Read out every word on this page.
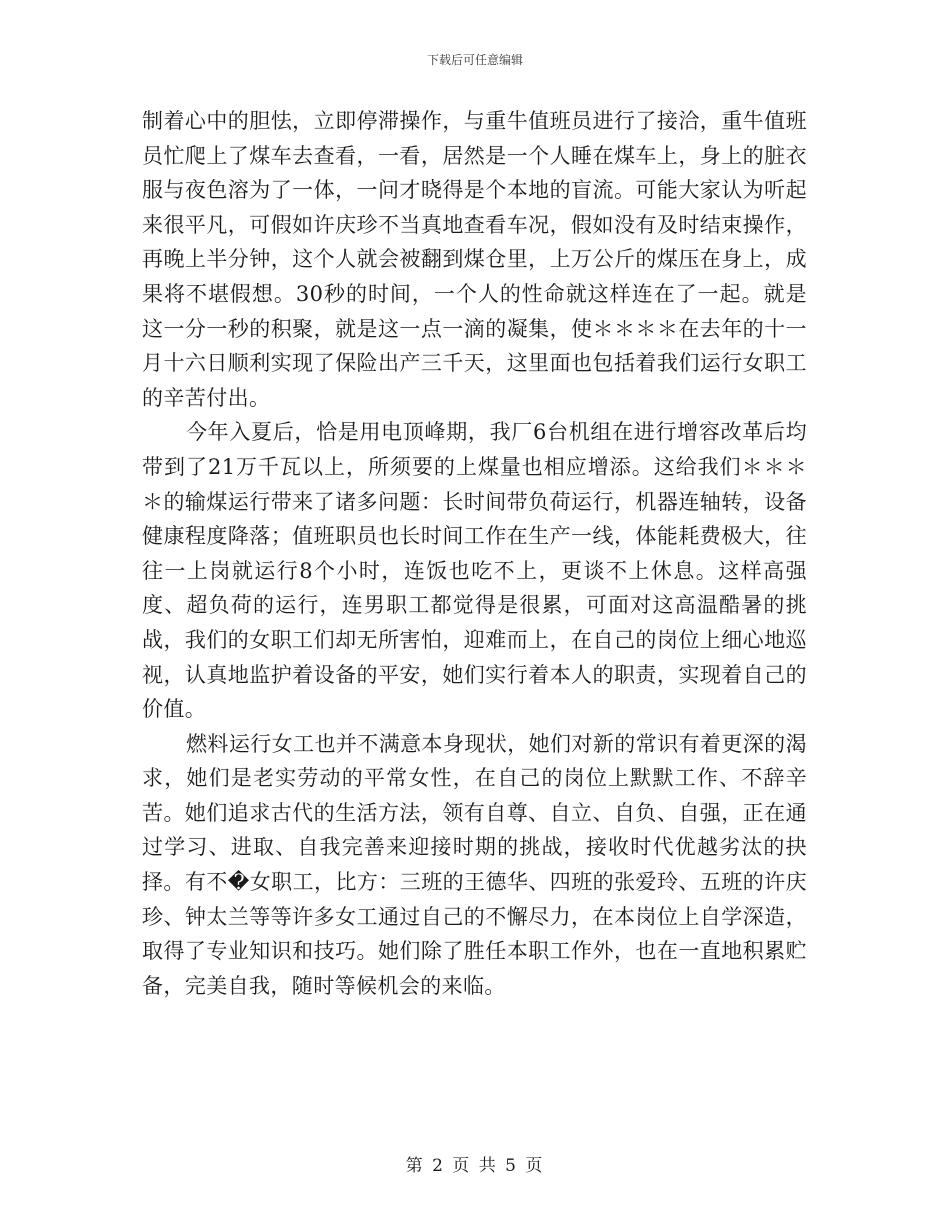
下载后可任意编辑

制着心中的胆怯，立即停滞操作，与重牛值班员进行了接洽，重牛值班员忙爬上了煤车去查看，一看，居然是一个人睡在煤车上，身上的脏衣服与夜色溶为了一体，一问才晓得是个本地的盲流。可能大家认为听起来很平凡，可假如许庆珍不当真地查看车况，假如没有及时结束操作，再晚上半分钟，这个人就会被翻到煤仓里，上万公斤的煤压在身上，成果将不堪假想。30秒的时间，一个人的性命就这样连在了一起。就是这一分一秒的积聚，就是这一点一滴的凝集，使＊＊＊＊在去年的十一月十六日顺利实现了保险出产三千天，这里面也包括着我们运行女职工的辛苦付出。

今年入夏后，恰是用电顶峰期，我厂6台机组在进行增容改革后均带到了21万千瓦以上，所须要的上煤量也相应增添。这给我们＊＊＊＊的输煤运行带来了诸多问题：长时间带负荷运行，机器连轴转，设备健康程度降落；值班职员也长时间工作在生产一线，体能耗费极大，往往一上岗就运行8个小时，连饭也吃不上，更谈不上休息。这样高强度、超负荷的运行，连男职工都觉得是很累，可面对这高温酷暑的挑战，我们的女职工们却无所害怕，迎难而上，在自己的岗位上细心地巡视，认真地监护着设备的平安，她们实行着本人的职责，实现着自己的价值。

燃料运行女工也并不满意本身现状，她们对新的常识有着更深的渴求，她们是老实劳动的平常女性，在自己的岗位上默默工作、不辞辛苦。她们追求古代的生活方法，领有自尊、自立、自负、自强，正在通过学习、进取、自我完善来迎接时期的挑战，接收时代优越劣汰的抉择。有不�女职工，比方：三班的王德华、四班的张爱玲、五班的许庆珍、钟太兰等等许多女工通过自己的不懈尽力，在本岗位上自学深造，取得了专业知识和技巧。她们除了胜任本职工作外，也在一直地积累贮备，完美自我，随时等候机会的来临。

第 2 页 共 5 页
